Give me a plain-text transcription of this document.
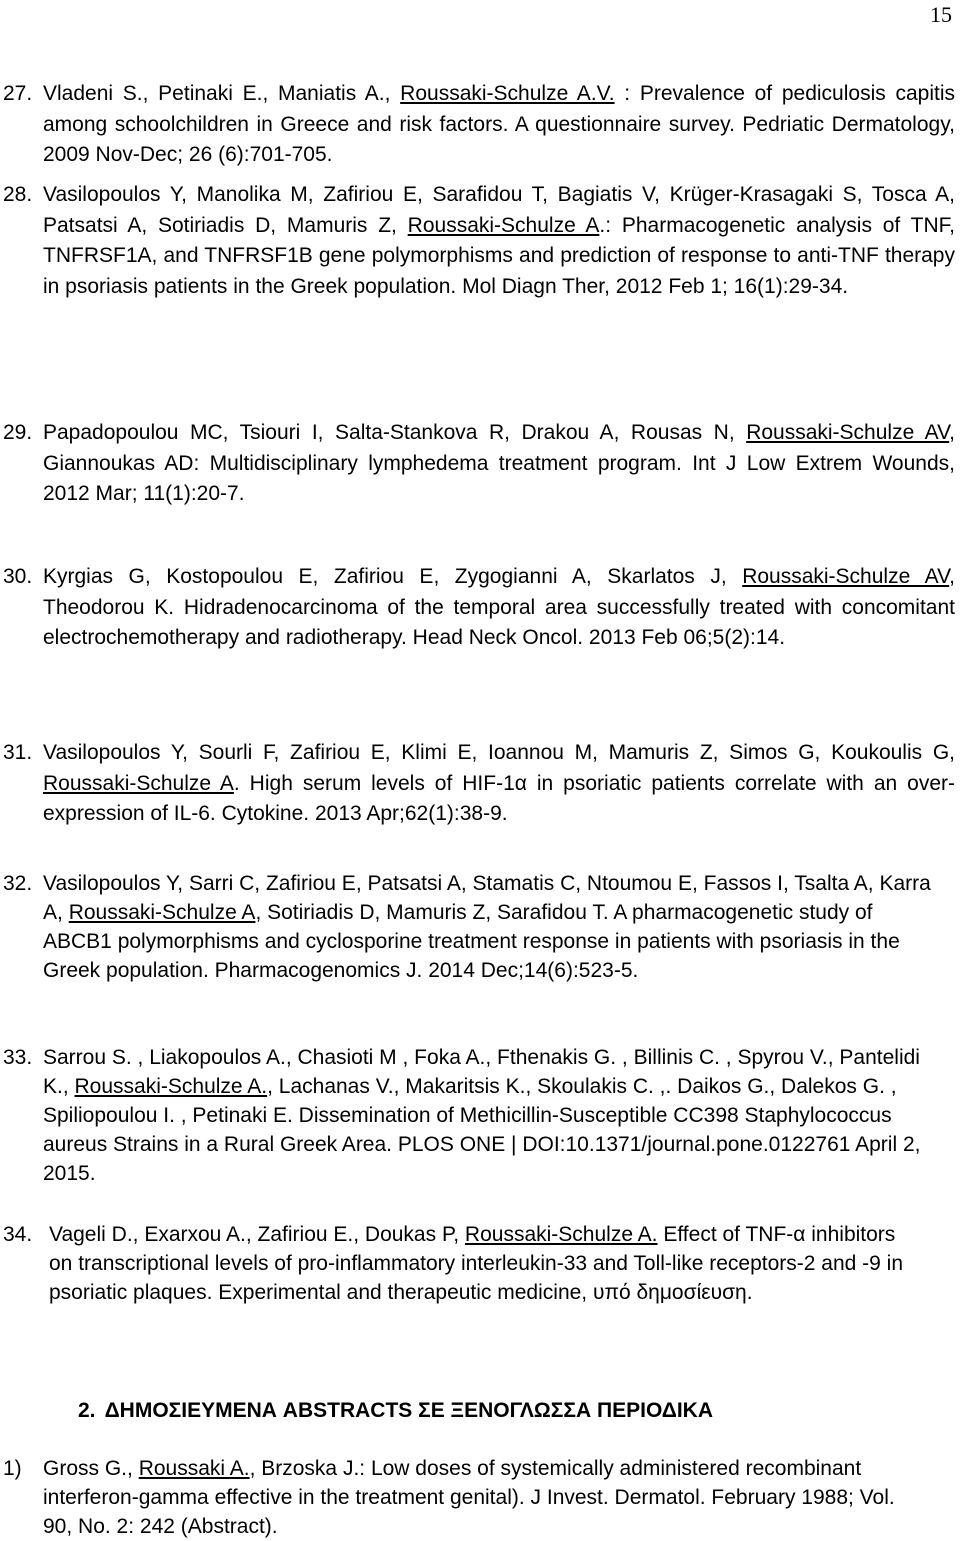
15
27. Vladeni S., Petinaki E., Maniatis A., Roussaki-Schulze A.V. : Prevalence of pediculosis capitis among schoolchildren in Greece and risk factors. A questionnaire survey. Pedriatic Dermatology, 2009 Nov-Dec; 26 (6):701-705.
28. Vasilopoulos Y, Manolika M, Zafiriou E, Sarafidou T, Bagiatis V, Krüger-Krasagaki S, Tosca A, Patsatsi A, Sotiriadis D, Mamuris Z, Roussaki-Schulze A.: Pharmacogenetic analysis of TNF, TNFRSF1A, and TNFRSF1B gene polymorphisms and prediction of response to anti-TNF therapy in psoriasis patients in the Greek population. Mol Diagn Ther, 2012 Feb 1; 16(1):29-34.
29. Papadopoulou MC, Tsiouri I, Salta-Stankova R, Drakou A, Rousas N, Roussaki-Schulze AV, Giannoukas AD: Multidisciplinary lymphedema treatment program. Int J Low Extrem Wounds, 2012 Mar; 11(1):20-7.
30. Kyrgias G, Kostopoulou E, Zafiriou E, Zygogianni A, Skarlatos J, Roussaki-Schulze AV, Theodorou K. Hidradenocarcinoma of the temporal area successfully treated with concomitant electrochemotherapy and radiotherapy. Head Neck Oncol. 2013 Feb 06;5(2):14.
31. Vasilopoulos Y, Sourli F, Zafiriou E, Klimi E, Ioannou M, Mamuris Z, Simos G, Koukoulis G, Roussaki-Schulze A. High serum levels of HIF-1α in psoriatic patients correlate with an over-expression of IL-6. Cytokine. 2013 Apr;62(1):38-9.
32. Vasilopoulos Y, Sarri C, Zafiriou E, Patsatsi A, Stamatis C, Ntoumou E, Fassos I, Tsalta A, Karra A, Roussaki-Schulze A, Sotiriadis D, Mamuris Z, Sarafidou T. A pharmacogenetic study of ABCB1 polymorphisms and cyclosporine treatment response in patients with psoriasis in the Greek population. Pharmacogenomics J. 2014 Dec;14(6):523-5.
33. Sarrou S. , Liakopoulos A., Chasioti M , Foka A., Fthenakis G. , Billinis C. , Spyrou V., Pantelidi K., Roussaki-Schulze A., Lachanas V., Makaritsis K., Skoulakis C. ,. Daikos G., Dalekos G. , Spiliopoulou I. , Petinaki E. Dissemination of Methicillin-Susceptible CC398 Staphylococcus aureus Strains in a Rural Greek Area. PLOS ONE | DOI:10.1371/journal.pone.0122761 April 2, 2015.
34. Vageli D., Exarxou A., Zafiriou E., Doukas P, Roussaki-Schulze A. Effect of TNF-α inhibitors on transcriptional levels of pro-inflammatory interleukin-33 and Toll-like receptors-2 and -9 in psoriatic plaques. Experimental and therapeutic medicine, υπό δημοσίευση.
2. ΔΗΜΟΣΙΕΥΜΕΝΑ ABSTRACTS ΣΕ ΞΕΝΟΓΛΩΣΣΑ ΠΕΡΙΟΔΙΚΑ
1) Gross G., Roussaki A., Brzoska J.: Low doses of systemically administered recombinant interferon-gamma effective in the treatment genital). J Invest. Dermatol. February 1988; Vol. 90, No. 2: 242 (Abstract).
